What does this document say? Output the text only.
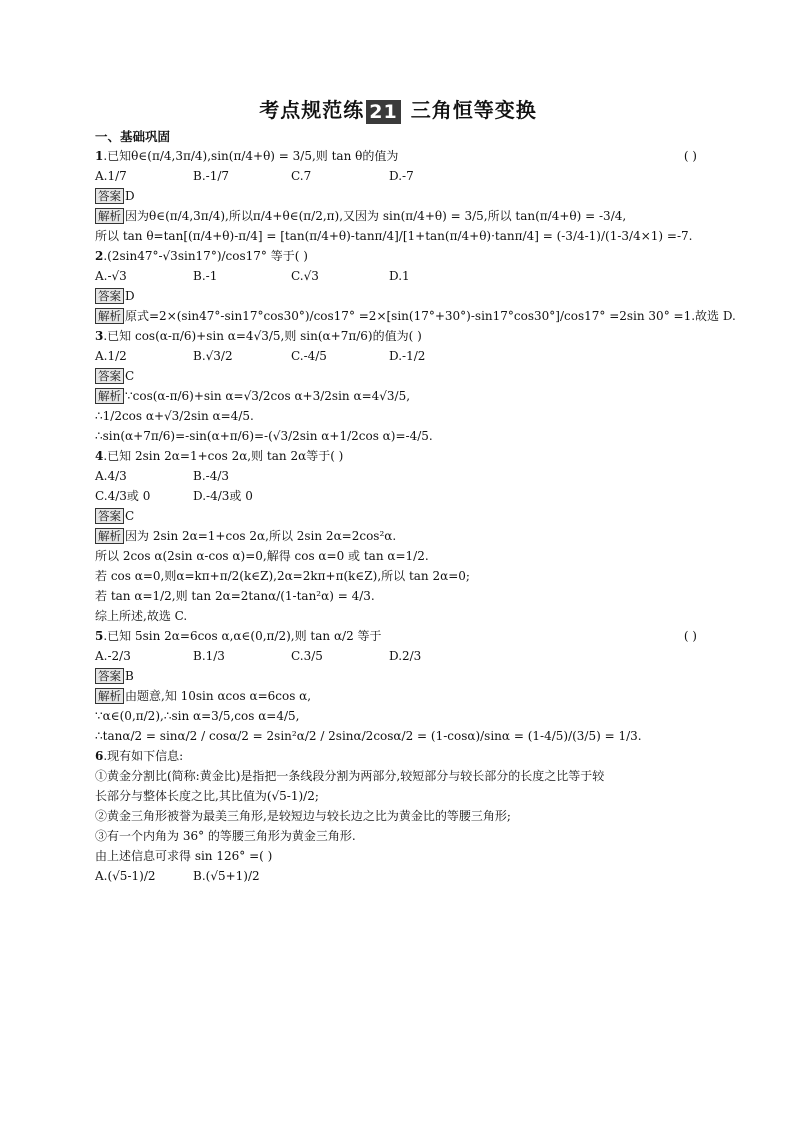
考点规范练 21 三角恒等变换
一、基础巩固
1.已知θ∈(π/4,3π/4),sin(π/4+θ) = 3/5,则 tan θ的值为	( )
A.1/7	B.-1/7	C.7	D.-7
答案 D
解析 因为θ∈(π/4,3π/4),所以π/4+θ∈(π/2,π),又因为 sin(π/4+θ) = 3/5,所以 tan(π/4+θ) = -3/4,
所以 tan θ=tan[(π/4+θ)-π/4] = [tan(π/4+θ)-tanπ/4]/[1+tan(π/4+θ)·tanπ/4] = (-3/4-1)/(1-3/4×1) =-7.
2.(2sin47°-√3sin17°)/cos17° 等于( )
A.-√3	B.-1	C.√3	D.1
答案 D
解析 原式=2×(sin47°-sin17°cos30°)/cos17° =2×[sin(17°+30°)-sin17°cos30°]/cos17° =2sin 30° =1.故选 D.
3.已知 cos(α-π/6)+sin α=4√3/5,则 sin(α+7π/6)的值为( )
A.1/2	B.√3/2	C.-4/5	D.-1/2
答案 C
解析 ∵cos(α-π/6)+sin α=√3/2cos α+3/2sin α=4√3/5,
∴1/2cos α+√3/2sin α=4/5.
∴sin(α+7π/6)=-sin(α+π/6)=-(√3/2sin α+1/2cos α)=-4/5.
4.已知 2sin 2α=1+cos 2α,则 tan 2α等于( )
A.4/3	B.-4/3
C.4/3或 0	D.-4/3或 0
答案 C
解析 因为 2sin 2α=1+cos 2α,所以 2sin 2α=2cos²α.
所以 2cos α(2sin α-cos α)=0,解得 cos α=0 或 tan α=1/2.
若 cos α=0,则α=kπ+π/2(k∈Z),2α=2kπ+π(k∈Z),所以 tan 2α=0;
若 tan α=1/2,则 tan 2α=2tanα/(1-tan²α) = 4/3.
综上所述,故选 C.
5.已知 5sin 2α=6cos α,α∈(0,π/2),则 tan α/2 等于	( )
A.-2/3	B.1/3	C.3/5	D.2/3
答案 B
解析 由题意,知 10sin αcos α=6cos α,
∵α∈(0,π/2),∴sin α=3/5,cos α=4/5,
∴tanα/2 = sinα/2 / cosα/2 = 2sin²α/2 / 2sinα/2cosα/2 = (1-cosα)/sinα = (1-4/5)/(3/5) = 1/3.
6.现有如下信息:
①黄金分割比(简称:黄金比)是指把一条线段分割为两部分,较短部分与较长部分的长度之比等于较
长部分与整体长度之比,其比值为(√5-1)/2;
②黄金三角形被誉为最美三角形,是较短边与较长边之比为黄金比的等腰三角形;
③有一个内角为 36° 的等腰三角形为黄金三角形.
由上述信息可求得 sin 126° =( )
A.(√5-1)/2	B.(√5+1)/2
